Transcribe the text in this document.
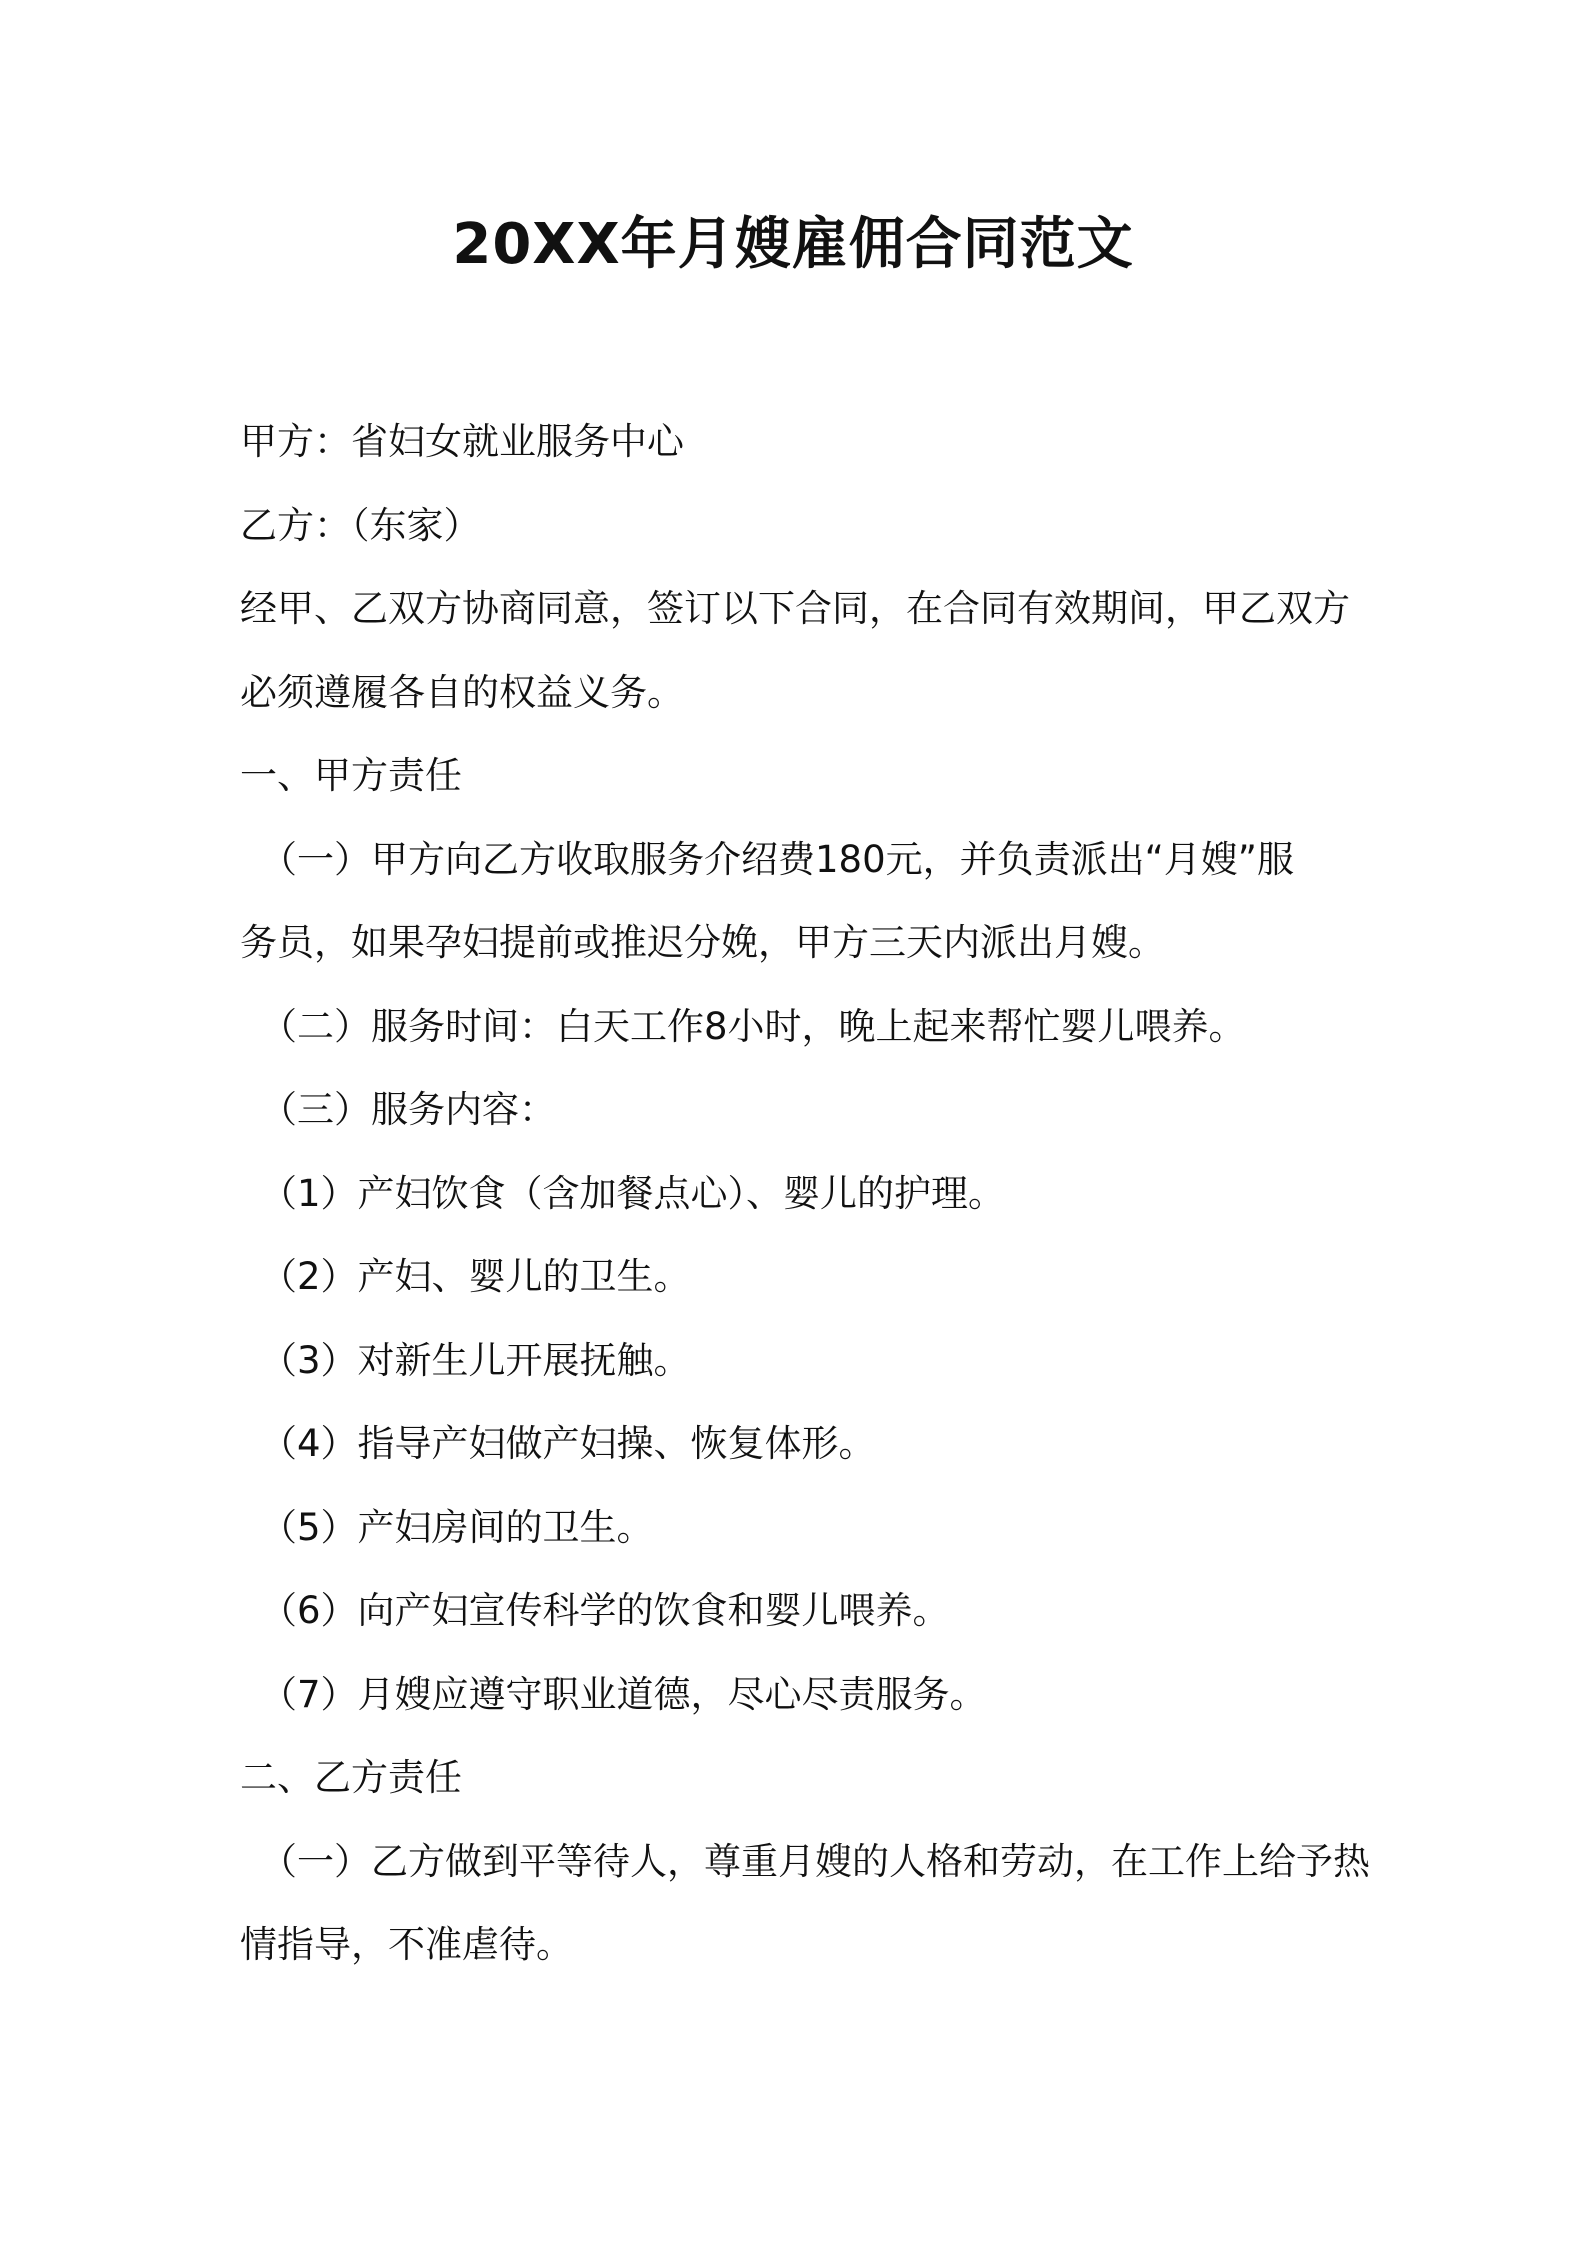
20XX年月嫂雇佣合同范文

甲方：省妇女就业服务中心

乙方：（东家）

经甲、乙双方协商同意，签订以下合同，在合同有效期间，甲乙双方

必须遵履各自的权益义务。

一、甲方责任

（一）甲方向乙方收取服务介绍费180元，并负责派出“月嫂”服

务员，如果孕妇提前或推迟分娩，甲方三天内派出月嫂。

（二）服务时间：白天工作8小时，晚上起来帮忙婴儿喂养。

（三）服务内容：

（1）产妇饮食（含加餐点心）、婴儿的护理。

（2）产妇、婴儿的卫生。

（3）对新生儿开展抚触。

（4）指导产妇做产妇操、恢复体形。

（5）产妇房间的卫生。

（6）向产妇宣传科学的饮食和婴儿喂养。

（7）月嫂应遵守职业道德，尽心尽责服务。

二、乙方责任

（一）乙方做到平等待人，尊重月嫂的人格和劳动，在工作上给予热

情指导，不准虐待。
